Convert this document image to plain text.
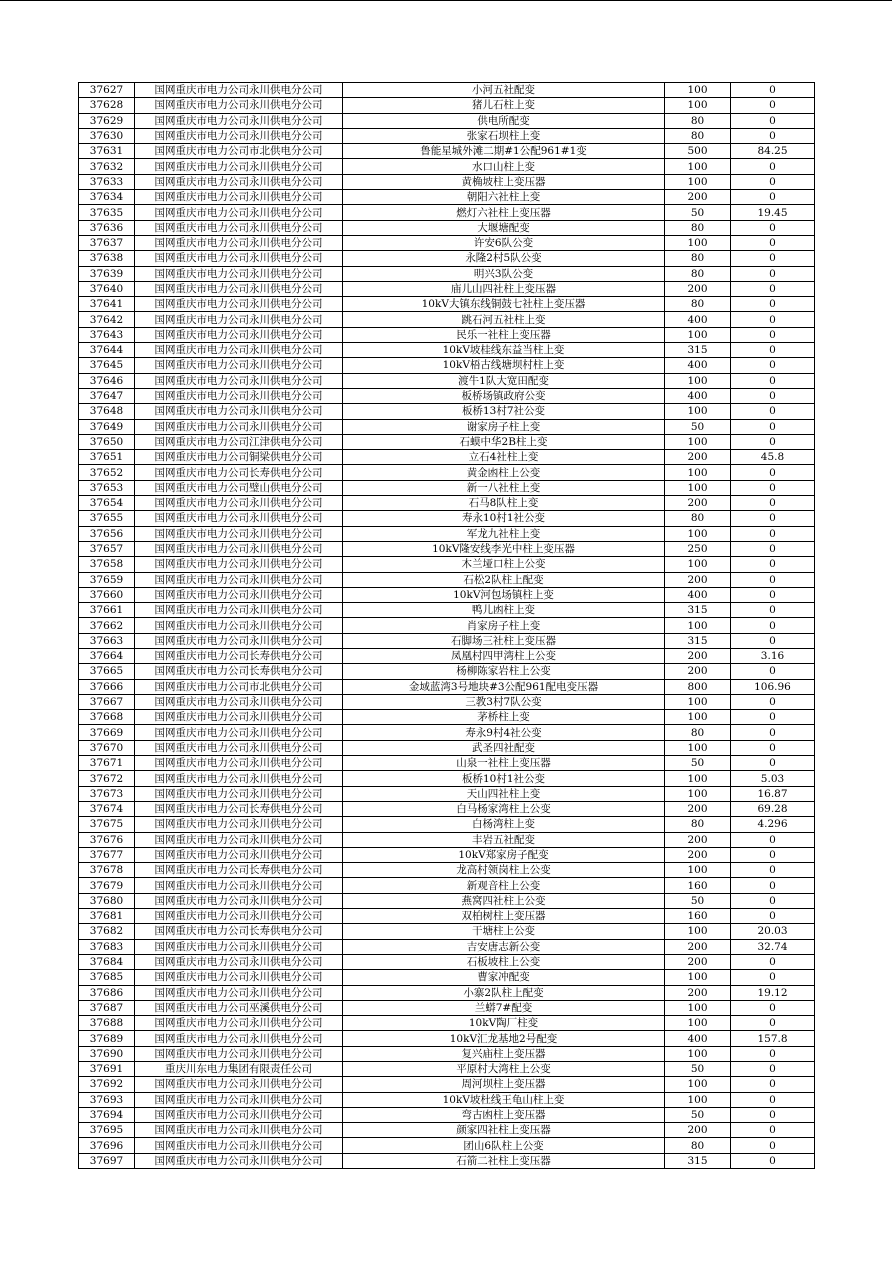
37627	国网重庆市电力公司永川供电分公司	小河五社配变	100	0
37628	国网重庆市电力公司永川供电分公司	猪儿石柱上变	100	0
37629	国网重庆市电力公司永川供电分公司	供电所配变	80	0
37630	国网重庆市电力公司永川供电分公司	张家石坝柱上变	80	0
37631	国网重庆市电力公司市北供电分公司	鲁能星城外滩二期#1公配961#1变	500	84.25
37632	国网重庆市电力公司永川供电分公司	水口山柱上变	100	0
37633	国网重庆市电力公司永川供电分公司	黄桷坡柱上变压器	100	0
37634	国网重庆市电力公司永川供电分公司	朝阳六社柱上变	200	0
37635	国网重庆市电力公司永川供电分公司	燃灯六社柱上变压器	50	19.45
37636	国网重庆市电力公司永川供电分公司	大堰塘配变	80	0
37637	国网重庆市电力公司永川供电分公司	许安6队公变	100	0
37638	国网重庆市电力公司永川供电分公司	永隆2村5队公变	80	0
37639	国网重庆市电力公司永川供电分公司	明兴3队公变	80	0
37640	国网重庆市电力公司永川供电分公司	庙儿山四社柱上变压器	200	0
37641	国网重庆市电力公司永川供电分公司	10kV大镇东线铜鼓七社柱上变压器	80	0
37642	国网重庆市电力公司永川供电分公司	跳石河五社柱上变	400	0
37643	国网重庆市电力公司永川供电分公司	民乐一社柱上变压器	100	0
37644	国网重庆市电力公司永川供电分公司	10kV坡桂线东益当柱上变	315	0
37645	国网重庆市电力公司永川供电分公司	10kV梧古线塘坝村柱上变	400	0
37646	国网重庆市电力公司永川供电分公司	渡牛1队大宽田配变	100	0
37647	国网重庆市电力公司永川供电分公司	板桥场镇政府公变	400	0
37648	国网重庆市电力公司永川供电分公司	板桥13村7社公变	100	0
37649	国网重庆市电力公司永川供电分公司	谢家房子柱上变	50	0
37650	国网重庆市电力公司江津供电分公司	石蟆中华2B柱上变	100	0
37651	国网重庆市电力公司铜梁供电分公司	立石4社柱上变	200	45.8
37652	国网重庆市电力公司长寿供电分公司	黄金凼柱上公变	100	0
37653	国网重庆市电力公司璧山供电分公司	新一八社柱上变	100	0
37654	国网重庆市电力公司永川供电分公司	石马8队柱上变	200	0
37655	国网重庆市电力公司永川供电分公司	寿永10村1社公变	80	0
37656	国网重庆市电力公司永川供电分公司	军龙九社柱上变	100	0
37657	国网重庆市电力公司永川供电分公司	10kV隆安线李光中柱上变压器	250	0
37658	国网重庆市电力公司永川供电分公司	木兰垭口柱上公变	100	0
37659	国网重庆市电力公司永川供电分公司	石松2队柱上配变	200	0
37660	国网重庆市电力公司永川供电分公司	10kV河包场镇柱上变	400	0
37661	国网重庆市电力公司永川供电分公司	鸭儿凼柱上变	315	0
37662	国网重庆市电力公司永川供电分公司	肖家房子柱上变	100	0
37663	国网重庆市电力公司永川供电分公司	石脚场三社柱上变压器	315	0
37664	国网重庆市电力公司长寿供电分公司	凤凰村四甲湾柱上公变	200	3.16
37665	国网重庆市电力公司长寿供电分公司	杨柳陈家岩柱上公变	200	0
37666	国网重庆市电力公司市北供电分公司	金域蓝湾3号地块#3公配961配电变压器	800	106.96
37667	国网重庆市电力公司永川供电分公司	三教3村7队公变	100	0
37668	国网重庆市电力公司永川供电分公司	茅桥柱上变	100	0
37669	国网重庆市电力公司永川供电分公司	寿永9村4社公变	80	0
37670	国网重庆市电力公司永川供电分公司	武圣四社配变	100	0
37671	国网重庆市电力公司永川供电分公司	山泉一社柱上变压器	50	0
37672	国网重庆市电力公司永川供电分公司	板桥10村1社公变	100	5.03
37673	国网重庆市电力公司永川供电分公司	天山四社柱上变	100	16.87
37674	国网重庆市电力公司长寿供电分公司	白马杨家湾柱上公变	200	69.28
37675	国网重庆市电力公司永川供电分公司	白杨湾柱上变	80	4.296
37676	国网重庆市电力公司永川供电分公司	丰岩五社配变	200	0
37677	国网重庆市电力公司永川供电分公司	10kV郑家房子配变	200	0
37678	国网重庆市电力公司长寿供电分公司	龙高村领岗柱上公变	100	0
37679	国网重庆市电力公司永川供电分公司	新观音柱上公变	160	0
37680	国网重庆市电力公司永川供电分公司	燕窝四社柱上公变	50	0
37681	国网重庆市电力公司永川供电分公司	双柏树柱上变压器	160	0
37682	国网重庆市电力公司长寿供电分公司	干塘柱上公变	100	20.03
37683	国网重庆市电力公司永川供电分公司	吉安唐志新公变	200	32.74
37684	国网重庆市电力公司永川供电分公司	石板坡柱上公变	200	0
37685	国网重庆市电力公司永川供电分公司	曹家冲配变	100	0
37686	国网重庆市电力公司永川供电分公司	小寨2队柱上配变	200	19.12
37687	国网重庆市电力公司巫溪供电分公司	兰蟒7#配变	100	0
37688	国网重庆市电力公司永川供电分公司	10kV陶厂柱变	100	0
37689	国网重庆市电力公司永川供电分公司	10kV汇龙基地2号配变	400	157.8
37690	国网重庆市电力公司永川供电分公司	复兴庙柱上变压器	100	0
37691	重庆川东电力集团有限责任公司	平原村大湾柱上公变	50	0
37692	国网重庆市电力公司永川供电分公司	周河坝柱上变压器	100	0
37693	国网重庆市电力公司永川供电分公司	10kV坡杜线王龟山柱上变	100	0
37694	国网重庆市电力公司永川供电分公司	弯古凼柱上变压器	50	0
37695	国网重庆市电力公司永川供电分公司	颜家四社柱上变压器	200	0
37696	国网重庆市电力公司永川供电分公司	团山6队柱上公变	80	0
37697	国网重庆市电力公司永川供电分公司	石箭二社柱上变压器	315	0
